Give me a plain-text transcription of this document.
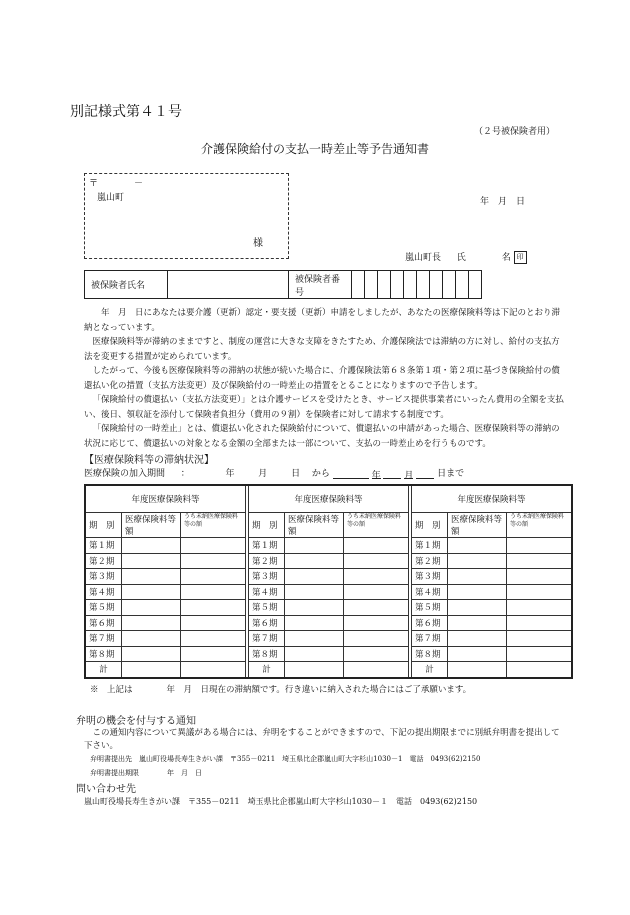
別記様式第４１号
（２号被保険者用）
介護保険給付の支払一時差止等予告通知書
〒　　　　－
嵐山町
様
年　月　日
嵐山町長 氏　　　　名 印
被保険者氏名		被保険者番号										

　年　月　日にあなたは要介護（更新）認定・要支援（更新）申請をしましたが、あなたの医療保険料等は下記のとおり滞納となっています。

医療保険料等が滞納のままですと、制度の運営に大きな支障をきたすため、介護保険法では滞納の方に対し、給付の支払方法を変更する措置が定められています。

したがって、今後も医療保険料等の滞納の状態が続いた場合に、介護保険法第６８条第１項・第２項に基づき保険給付の償還払い化の措置（支払方法変更）及び保険給付の一時差止の措置をとることになりますので予告します。

「保険給付の償還払い（支払方法変更）」とは介護サービスを受けたとき、サービス提供事業者にいったん費用の全額を支払い、後日、領収証を添付して保険者負担分（費用の９割）を保険者に対して請求する制度です。

「保険給付の一時差止」とは、償還払い化された保険給付について、償還払いの申請があった場合、医療保険料等の滞納の状況に応じて、償還払いの対象となる金額の全部または一部について、支払の一時差止めを行うものです。

【医療保険料等の滞納状況】
医療保険の加入期間 ：	年	月	日 から	年	月	日まで
年度医療保険料等				年度医療保険料等				年度医療保険料等		
期　別	医療保険料等額	うち未納医療保険料等の額		期　別	医療保険料等額	うち未納医療保険料等の額		期　別	医療保険料等額	うち未納医療保険料等の額
第１期				第１期				第１期		
第２期				第２期				第２期		
第３期				第３期				第３期		
第４期				第４期				第４期		
第５期				第５期				第５期		
第６期				第６期				第６期		
第７期				第７期				第７期		
第８期				第８期				第８期		
計				計				計		
※　上記は　　　　年　月　日現在の滞納額です。行き違いに納入された場合にはご了承願います。
弁明の機会を付与する通知
この通知内容について異議がある場合には、弁明をすることができますので、下記の提出期限までに別紙弁明書を提出して下さい。
弁明書提出先　嵐山町役場長寿生きがい課　〒355－0211　埼玉県比企郡嵐山町大字杉山1030－1　電話　0493(62)2150
弁明書提出期限　　　　年　月　日
問い合わせ先
嵐山町役場長寿生きがい課　〒355－0211　埼玉県比企郡嵐山町大字杉山1030－１　電話　0493(62)2150
